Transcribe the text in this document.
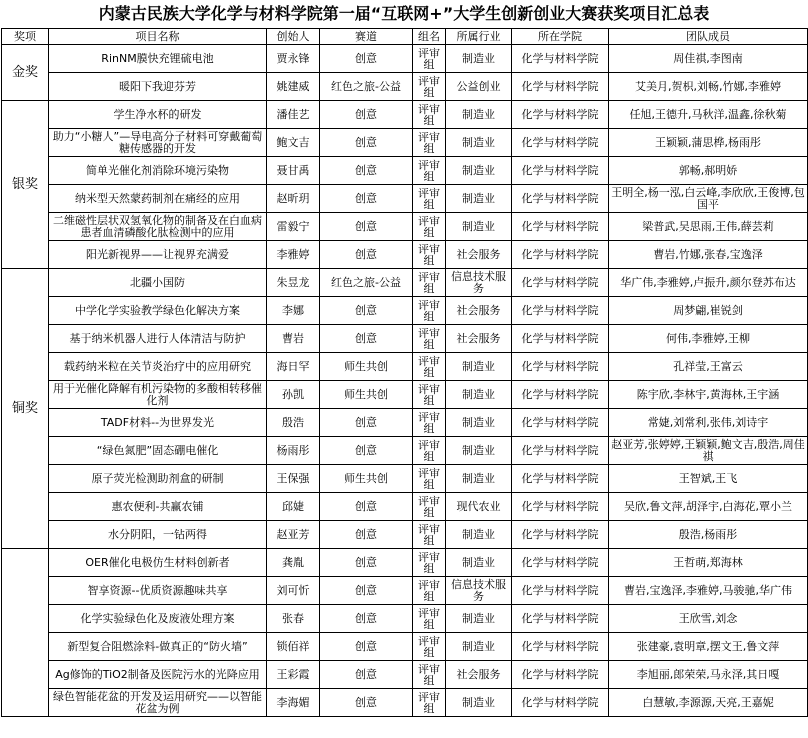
内蒙古民族大学化学与材料学院第一届“互联网+”大学生创新创业大赛获奖项目汇总表
奖项	项目名称	创始人	赛道	组名	所属行业	所在学院	团队成员
金奖	RinNM膜快充锂硫电池	贾永锋	创意	评审组	制造业	化学与材料学院	周佳祺,李图南
	暖阳下我迎芬芳	姚建威	红色之旅-公益	评审组	公益创业	化学与材料学院	艾美月,贺枳,刘畅,竹娜,李雅婷
银奖	学生净水杯的研发	潘佳艺	创意	评审组	制造业	化学与材料学院	任旭,王德升,马秋洋,温鑫,徐秋菊
	助力“小糖人”—导电高分子材料可穿戴葡萄糖传感器的开发	鲍文吉	创意	评审组	制造业	化学与材料学院	王颖颖,蒲思桦,杨雨彤
	简单光催化剂消除环境污染物	聂甘禹	创意	评审组	制造业	化学与材料学院	郭畅,郝明娇
	纳米型天然蒙药制剂在痛经的应用	赵昕玥	创意	评审组	制造业	化学与材料学院	王明全,杨一泓,白云峰,李欣欣,王俊博,包国平
	二维磁性层状双氢氧化物的制备及在白血病患者血清磷酸化肽检测中的应用	雷毅宁	创意	评审组	制造业	化学与材料学院	梁普武,吴思雨,王伟,薛芸莉
	阳光新视界——让视界充满爱	李雅婷	创意	评审组	社会服务	化学与材料学院	曹岩,竹娜,张春,宝逸泽
铜奖	北疆小国防	朱昱龙	红色之旅-公益	评审组	信息技术服务	化学与材料学院	华广伟,李雅婷,卢振升,颜尔登苏布达
	中学化学实验教学绿色化解决方案	李娜	创意	评审组	社会服务	化学与材料学院	周梦翩,崔锐剑
	基于纳米机器人进行人体清洁与防护	曹岩	创意	评审组	社会服务	化学与材料学院	何伟,李雅婷,王柳
	载药纳米粒在关节炎治疗中的应用研究	海日罕	师生共创	评审组	制造业	化学与材料学院	孔祥莹,王富云
	用于光催化降解有机污染物的多酸相转移催化剂	孙凯	师生共创	评审组	制造业	化学与材料学院	陈宇欣,李林宇,黄海林,王宇涵
	TADF材料--为世界发光	殷浩	创意	评审组	制造业	化学与材料学院	常婕,刘常利,张伟,刘诗宇
	“绿色氮肥”固态硼电催化	杨雨彤	创意	评审组	制造业	化学与材料学院	赵亚芳,张婷婷,王颖颖,鲍文吉,殷浩,周佳祺
	原子荧光检测助剂盒的研制	王保强	师生共创	评审组	制造业	化学与材料学院	王智斌,王飞
	惠农便利-共赢农铺	邱婕	创意	评审组	现代农业	化学与材料学院	吴欣,鲁文萍,胡泽宇,白海花,覃小兰
	水分阴阳，一钻两得	赵亚芳	创意	评审组	制造业	化学与材料学院	殷浩,杨雨彤
	OER催化电极仿生材料创新者	龚胤	创意	评审组	制造业	化学与材料学院	王哲萌,郑海林
	智享资源--优质资源趣味共享	刘可忻	创意	评审组	信息技术服务	化学与材料学院	曹岩,宝逸泽,李雅婷,马骏驰,华广伟
	化学实验绿色化及废液处理方案	张春	创意	评审组	制造业	化学与材料学院	王欣雪,刘念
	新型复合阻燃涂料-做真正的“防火墙”	锁佰祥	创意	评审组	制造业	化学与材料学院	张建豪,袁明章,摆文王,鲁文萍
	Ag修饰的TiO2制备及医院污水的光降应用	王彩霞	创意	评审组	社会服务	化学与材料学院	李旭丽,郎荣荣,马永泽,其日嘎
	绿色智能花盆的开发及运用研究——以智能花盆为例	李海媚	创意	评审组	制造业	化学与材料学院	白慧敏,李源源,天亮,王嘉妮
